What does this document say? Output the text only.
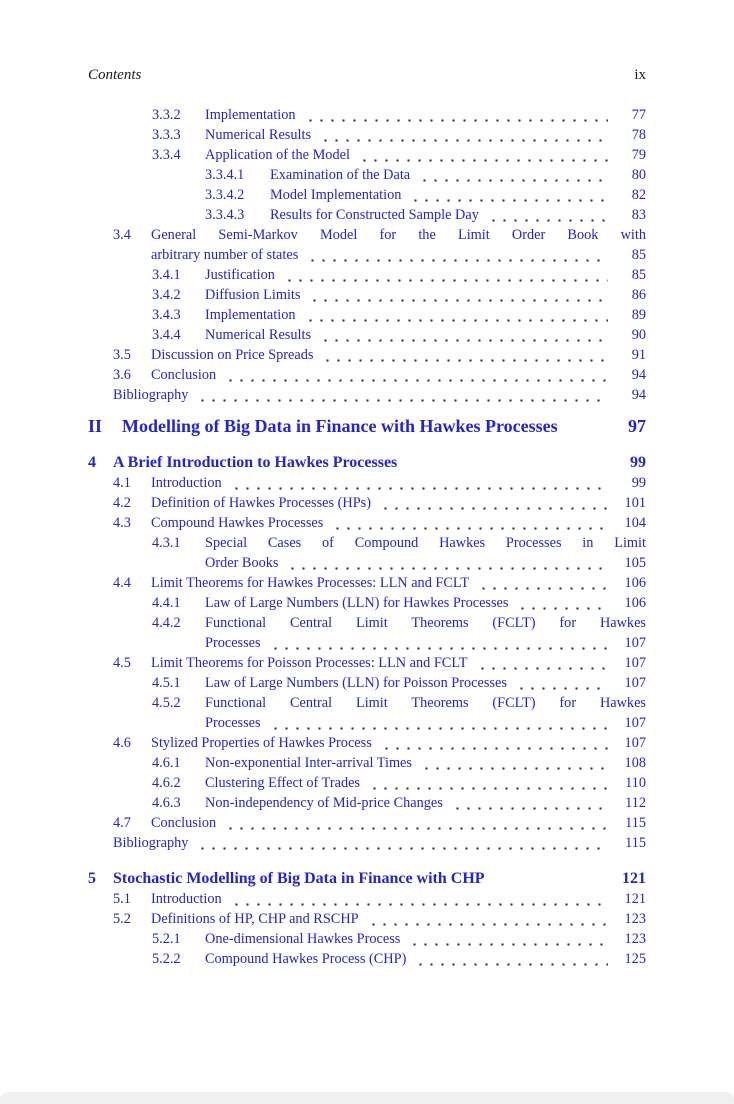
Contents	ix
3.3.2	Implementation	77
3.3.3	Numerical Results	78
3.3.4	Application of the Model	79
3.3.4.1	Examination of the Data	80
3.3.4.2	Model Implementation	82
3.3.4.3	Results for Constructed Sample Day	83
3.4 General Semi-Markov Model for the Limit Order Book with
arbitrary number of states	85
3.4.1	Justification	85
3.4.2	Diffusion Limits	86
3.4.3	Implementation	89
3.4.4	Numerical Results	90
3.5	Discussion on Price Spreads	91
3.6	Conclusion	94
Bibliography	94
II	Modelling of Big Data in Finance with Hawkes Processes	97
4	A Brief Introduction to Hawkes Processes	99
4.1	Introduction	99
4.2	Definition of Hawkes Processes (HPs)	101
4.3	Compound Hawkes Processes	104
4.3.1 Special Cases of Compound Hawkes Processes in Limit
Order Books	105
4.4	Limit Theorems for Hawkes Processes: LLN and FCLT	106
4.4.1	Law of Large Numbers (LLN) for Hawkes Processes	106
4.4.2 Functional Central Limit Theorems (FCLT) for Hawkes
Processes	107
4.5	Limit Theorems for Poisson Processes: LLN and FCLT	107
4.5.1	Law of Large Numbers (LLN) for Poisson Processes	107
4.5.2 Functional Central Limit Theorems (FCLT) for Hawkes
Processes	107
4.6	Stylized Properties of Hawkes Process	107
4.6.1	Non-exponential Inter-arrival Times	108
4.6.2	Clustering Effect of Trades	110
4.6.3	Non-independency of Mid-price Changes	112
4.7	Conclusion	115
Bibliography	115
5	Stochastic Modelling of Big Data in Finance with CHP	121
5.1	Introduction	121
5.2	Definitions of HP, CHP and RSCHP	123
5.2.1	One-dimensional Hawkes Process	123
5.2.2	Compound Hawkes Process (CHP)	125
